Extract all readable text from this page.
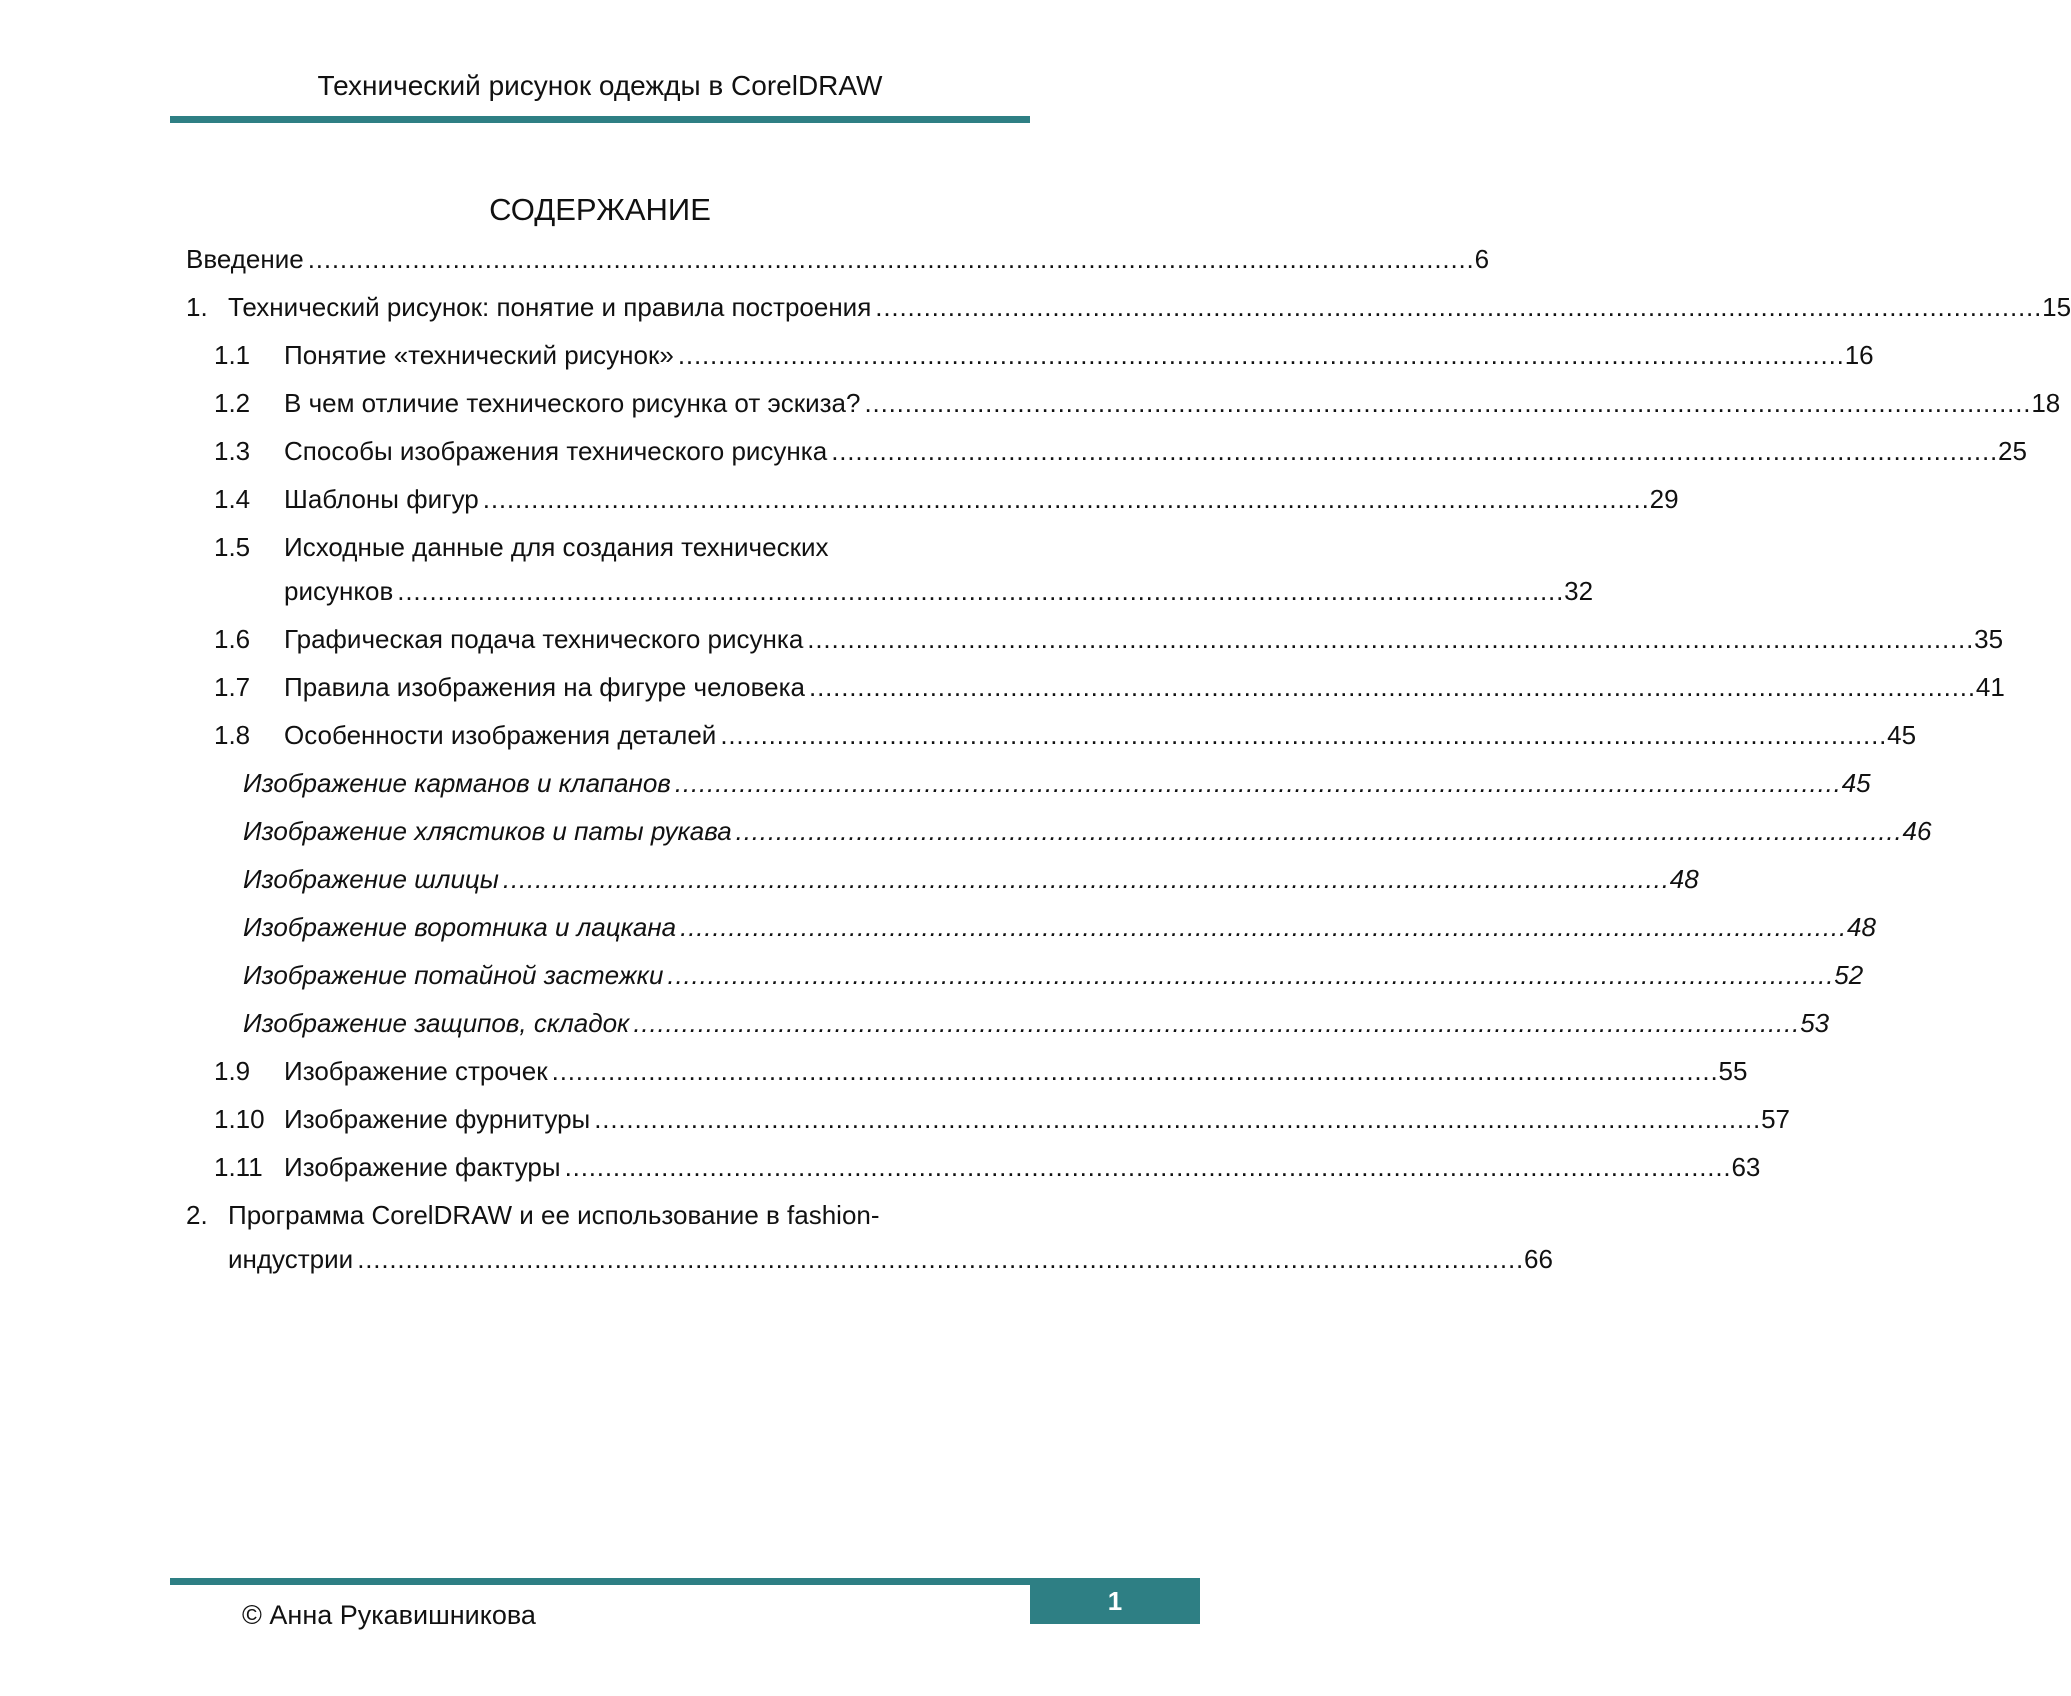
Технический рисунок одежды в CorelDRAW
СОДЕРЖАНИЕ
Введение . . .	6
1. Технический рисунок: понятие и правила построения . . .	15
1.1	Понятие «технический рисунок» . . .	16
1.2	В чем отличие технического рисунка от эскиза? . . .	18
1.3	Способы изображения технического рисунка . . .	25
1.4	Шаблоны фигур . . .	29
1.5	Исходные данные для создания технических
рисунков . . .	32
1.6	Графическая подача технического рисунка . . .	35
1.7	Правила изображения на фигуре человека . . .	41
1.8	Особенности изображения деталей . . .	45
Изображение карманов и клапанов . . .	45
Изображение хлястиков и паты рукава . . .	46
Изображение шлицы . . .	48
Изображение воротника и лацкана . . .	48
Изображение потайной застежки . . .	52
Изображение защипов, складок . . .	53
1.9	Изображение строчек . . .	55
1.10 Изображение фурнитуры . . .	57
1.11 Изображение фактуры . . .	63
2. Программа CorelDRAW и ее использование в fashion-
индустрии . . .	66
© Анна Рукавишникова	1
